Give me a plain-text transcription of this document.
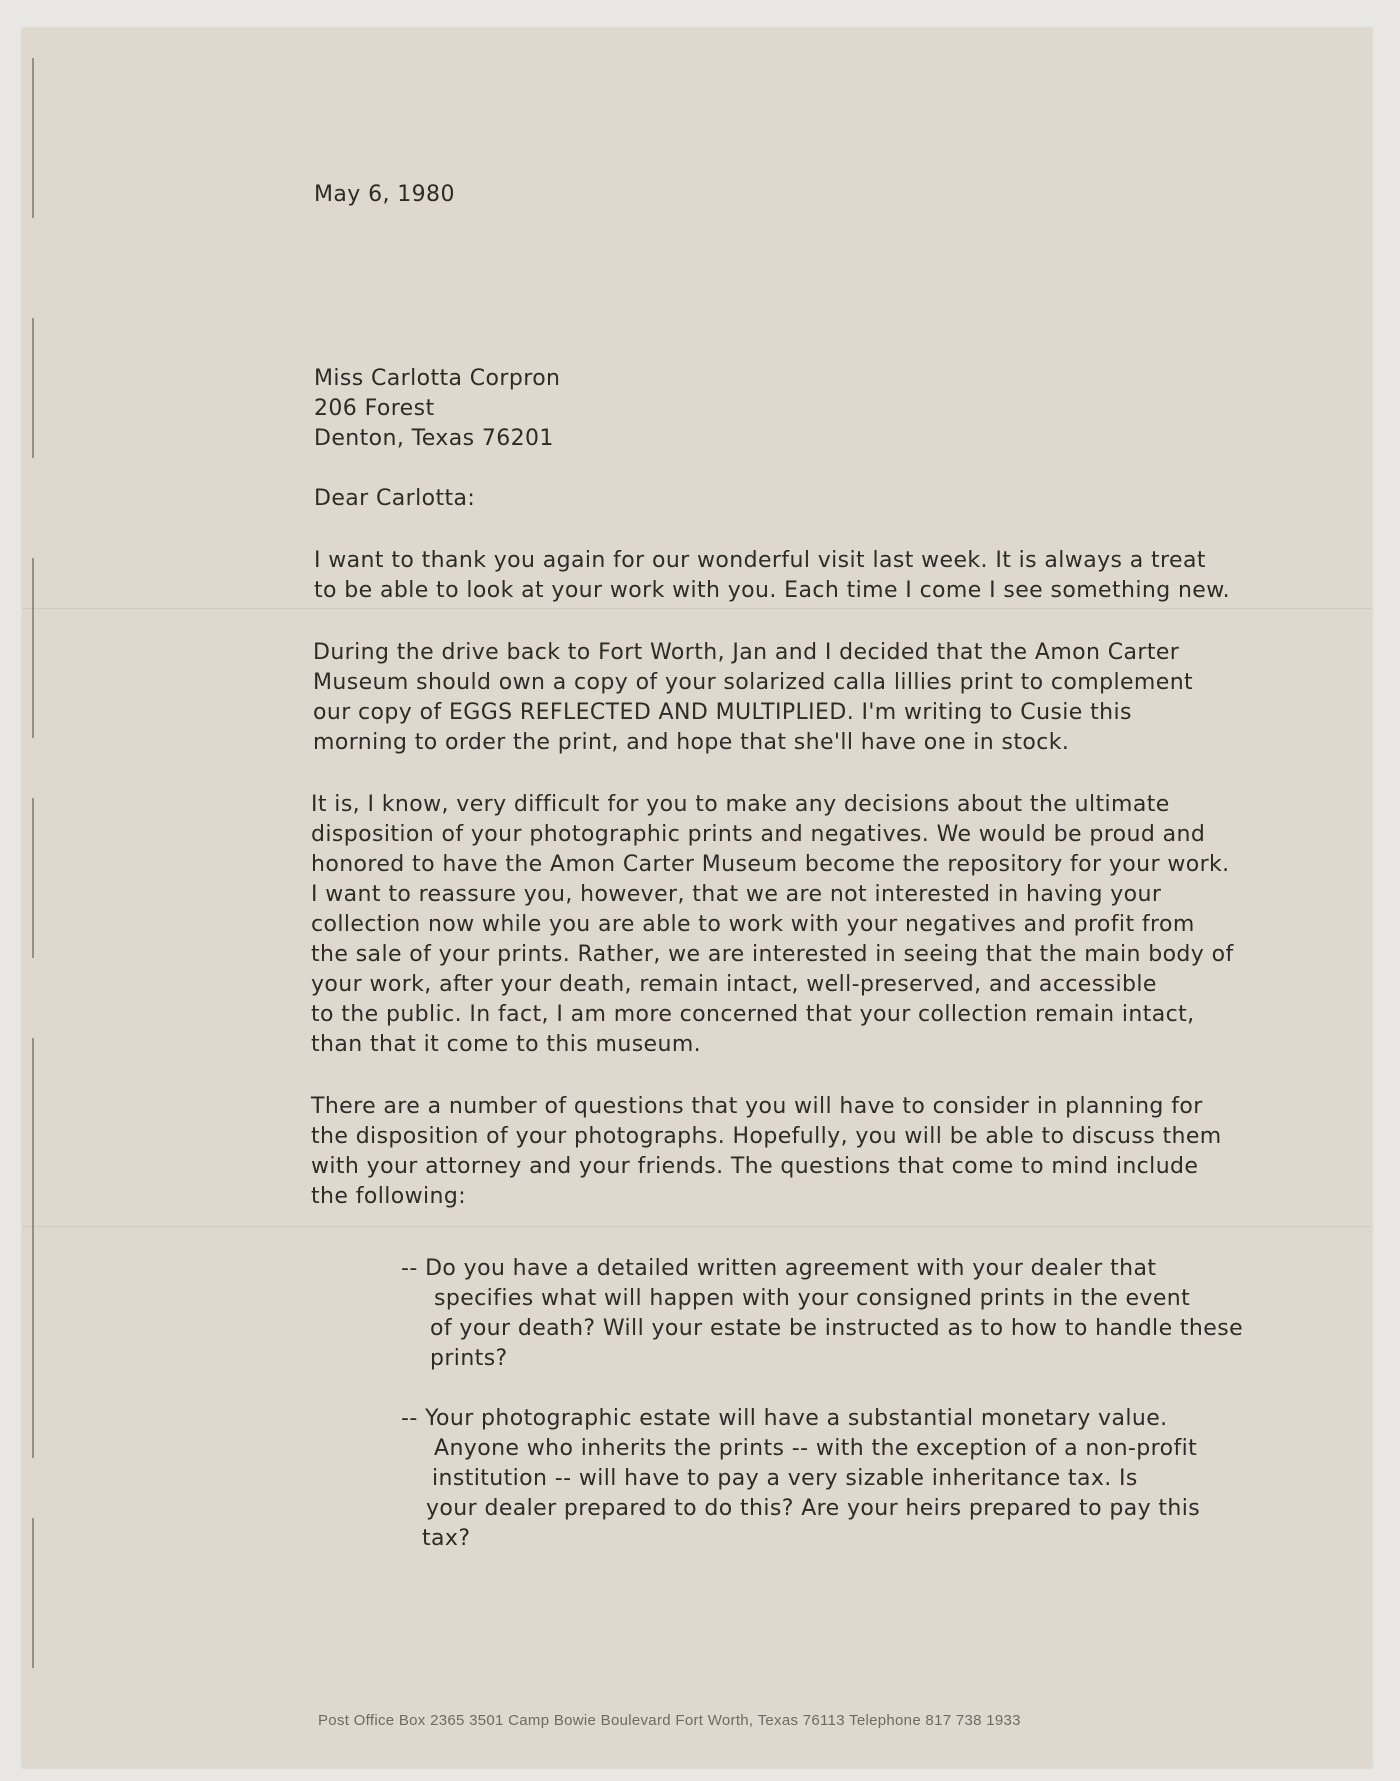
May 6, 1980
Miss Carlotta Corpron
206 Forest
Denton, Texas 76201
Dear Carlotta:
I want to thank you again for our wonderful visit last week. It is always a treat
to be able to look at your work with you. Each time I come I see something new.
During the drive back to Fort Worth, Jan and I decided that the Amon Carter
Museum should own a copy of your solarized calla lillies print to complement
our copy of EGGS REFLECTED AND MULTIPLIED. I'm writing to Cusie this
morning to order the print, and hope that she'll have one in stock.
It is, I know, very difficult for you to make any decisions about the ultimate
disposition of your photographic prints and negatives. We would be proud and
honored to have the Amon Carter Museum become the repository for your work.
I want to reassure you, however, that we are not interested in having your
collection now while you are able to work with your negatives and profit from
the sale of your prints. Rather, we are interested in seeing that the main body of
your work, after your death, remain intact, well-preserved, and accessible
to the public. In fact, I am more concerned that your collection remain intact,
than that it come to this museum.
There are a number of questions that you will have to consider in planning for
the disposition of your photographs. Hopefully, you will be able to discuss them
with your attorney and your friends. The questions that come to mind include
the following:
-- Do you have a detailed written agreement with your dealer that
specifies what will happen with your consigned prints in the event
of your death? Will your estate be instructed as to how to handle these
prints?
-- Your photographic estate will have a substantial monetary value.
Anyone who inherits the prints -- with the exception of a non-profit
institution -- will have to pay a very sizable inheritance tax. Is
your dealer prepared to do this? Are your heirs prepared to pay this
tax?
Post Office Box 2365 3501 Camp Bowie Boulevard Fort Worth, Texas 76113 Telephone 817 738 1933
